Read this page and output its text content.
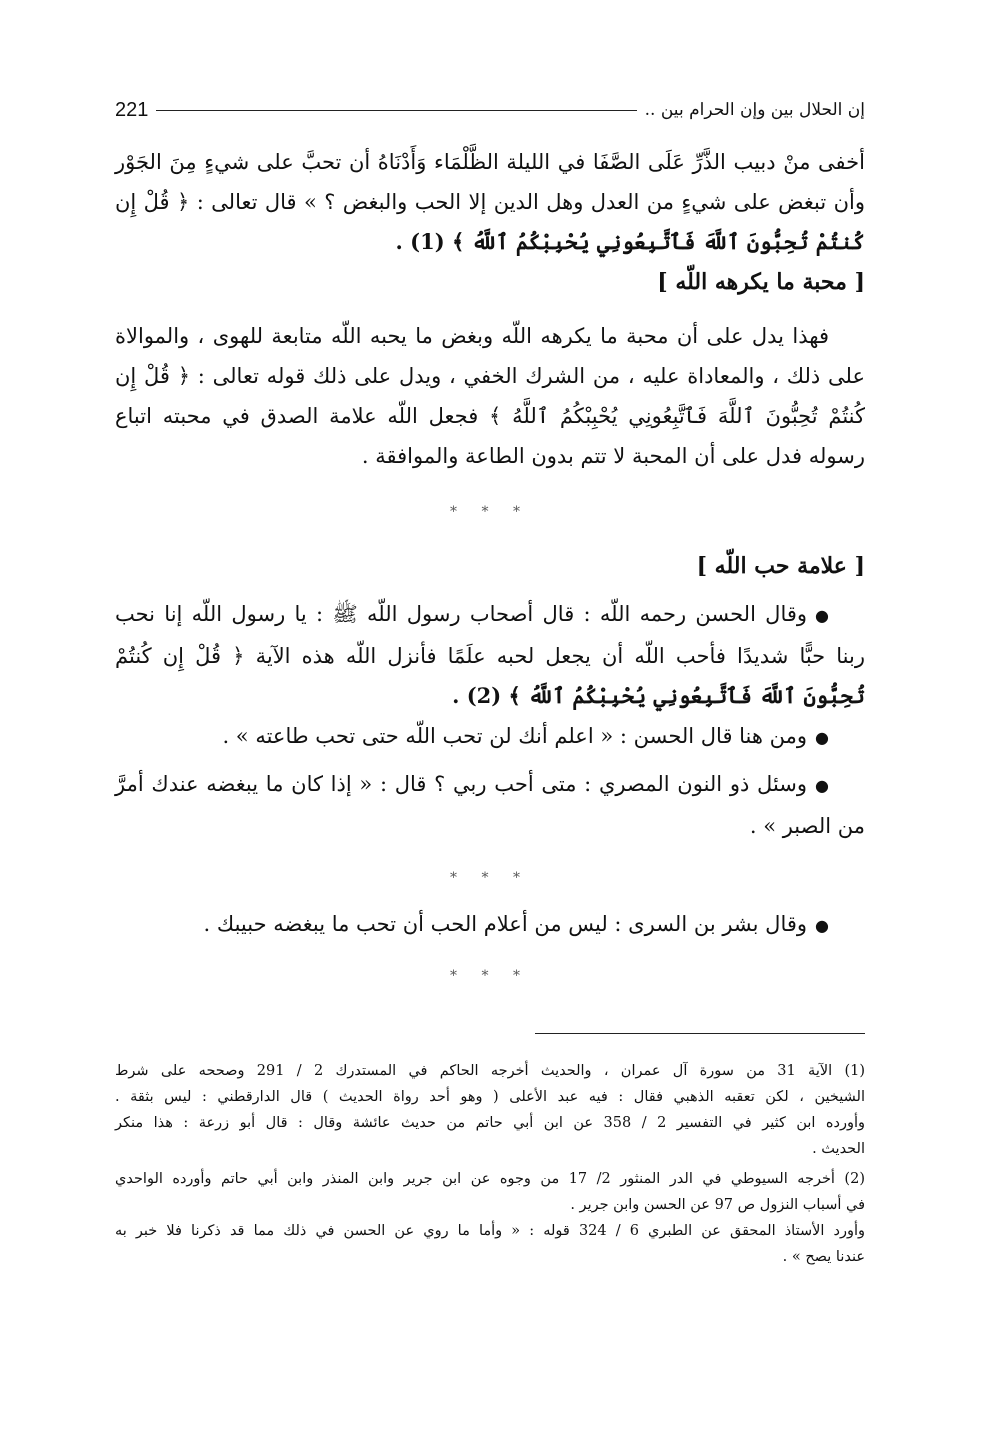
إن الحلال بين وإن الحرام بين ..
221

أخفى منْ دبيب الذَّرِّ عَلَى الصَّفَا في الليلة الظَّلْمَاء وَأَدْنَاهُ أن تحبَّ على شيءٍ مِنَ الجَوْر
وأن تبغض على شيءٍ من العدل وهل الدين إلا الحب والبغض ؟ » قال تعالى : ﴿ قُلْ إِن
كُنتُمْ تُحِبُّونَ ٱللَّهَ فَٱتَّبِعُونِي يُحْبِبْكُمُ ٱللَّهُ ﴾ (1) .

[ محبة ما يكرهه اللّه ]

فهذا يدل على أن محبة ما يكرهه اللّه وبغض ما يحبه اللّه متابعة للهوى ، والموالاة
على ذلك ، والمعاداة عليه ، من الشرك الخفي ، ويدل على ذلك قوله تعالى : ﴿ قُلْ إِن
كُنتُمْ تُحِبُّونَ ٱللَّهَ فَٱتَّبِعُونِي يُحْبِبْكُمُ ٱللَّهُ ﴾ فجعل اللّه علامة الصدق في محبته اتباع
رسوله فدل على أن المحبة لا تتم بدون الطاعة والموافقة .

* * *

[ علامة حب اللّه ]

●وقال الحسن رحمه اللّه : قال أصحاب رسول اللّه ﷺ : يا رسول اللّه إنا نحب
ربنا حبًّا شديدًا فأحب اللّه أن يجعل لحبه علَمًا فأنزل اللّه هذه الآية ﴿ قُلْ إِن كُنتُمْ
تُحِبُّونَ ٱللَّهَ فَٱتَّبِعُونِي يُحْبِبْكُمُ ٱللَّهُ ﴾ (2) .

●ومن هنا قال الحسن : « اعلم أنك لن تحب اللّه حتى تحب طاعته » .

●وسئل ذو النون المصري : متى أحب ربي ؟ قال : « إذا كان ما يبغضه عندك أمرَّ
من الصبر » .

* * *

●وقال بشر بن السرى : ليس من أعلام الحب أن تحب ما يبغضه حبيبك .

* * *

(1) الآية 31 من سورة آل عمران ، والحديث أخرجه الحاكم في المستدرك 2 / 291 وصححه على شرط
الشيخين ، لكن تعقبه الذهبي فقال : فيه عبد الأعلى ( وهو أحد رواة الحديث ) قال الدارقطني : ليس بثقة .
وأورده ابن كثير في التفسير 2 / 358 عن ابن أبي حاتم من حديث عائشة وقال : قال أبو زرعة : هذا منكر
الحديث .
(2) أخرجه السيوطي في الدر المنثور 2/ 17 من وجوه عن ابن جرير وابن المنذر وابن أبي حاتم وأورده الواحدي
في أسباب النزول ص 97 عن الحسن وابن جرير .
وأورد الأستاذ المحقق عن الطبري 6 / 324 قوله : « وأما ما روي عن الحسن في ذلك مما قد ذكرنا فلا خبر به
عندنا يصح » .
